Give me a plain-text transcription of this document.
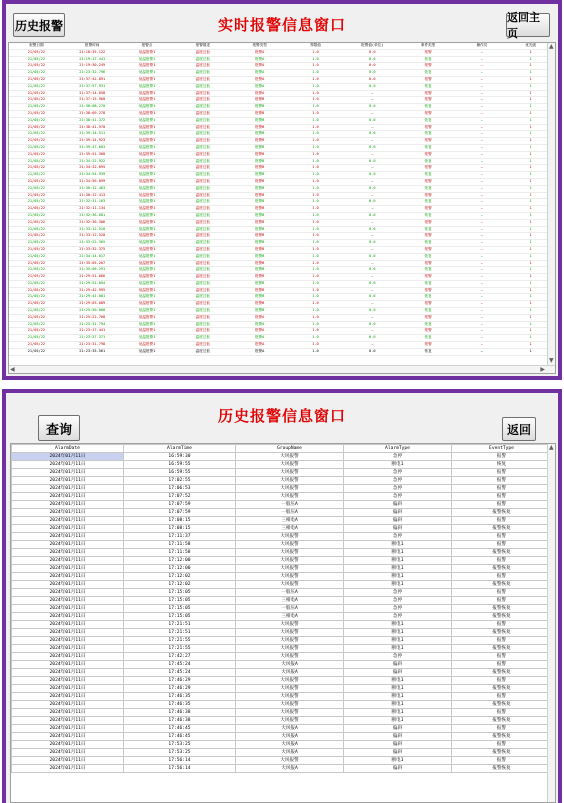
历史报警	实时报警信息窗口	返回主页
报警日期	报警时间	报警点	报警描述	报警类型	界限值	报警值(单位)	事件类型	操作员	优先级
21/05/22	21:18:35.122	低温报警1	温度过低	报警A	1.0	0.0	报警	—	1
21/05/22	21:19:17.441	低温报警1	温度过低	报警A	1.0	0.0	恢复	—	1
21/05/22	21:19:30.249	低温报警1	温度过低	报警A	1.0	0.0	报警	—	1
21/05/22	21:23:32.796	低温报警1	温度过低	报警A	1.0	0.0	恢复	—	1
21/05/22	21:37:42.891	低温报警1	温度过低	报警A	1.0	0.0	报警	—	1
21/05/22	21:37:57.931	低温报警1	温度过低	报警A	1.0	0.0	恢复	—	1
21/05/22	21:37:14.058	低温报警1	温度过低	报警A	1.0	—	报警	—	1
21/05/22	21:37:15.960	低温报警1	温度过低	报警B	1.0	—	报警	—	1
21/05/22	21:38:08.270	低温报警1	温度过低	报警B	1.0	0.0	恢复	—	1
21/05/22	21:38:09.278	低温报警1	温度过低	报警B	1.0	—	报警	—	1
21/05/22	21:38:41.372	低温报警1	温度过低	报警B	1.0	0.0	恢复	—	1
21/05/22	21:38:41.970	低温报警1	温度过低	报警B	1.0	—	报警	—	1
21/05/22	21:39:14.511	低温报警1	温度过低	报警B	1.0	0.0	恢复	—	1
21/05/22	21:39:14.923	低温报警1	温度过低	报警B	1.0	—	报警	—	1
21/05/22	21:39:47.603	低温报警1	温度过低	报警B	1.0	0.0	恢复	—	1
21/05/22	21:39:51.368	低温报警1	温度过低	报警B	1.0	—	报警	—	1
21/05/22	21:34:22.922	低温报警1	温度过低	报警B	1.0	0.0	恢复	—	1
21/05/22	21:34:32.095	低温报警1	温度过低	报警B	1.0	—	报警	—	1
21/05/22	21:34:54.939	低温报警1	温度过低	报警B	1.0	0.0	恢复	—	1
21/05/22	21:34:56.099	低温报警1	温度过低	报警B	1.0	—	报警	—	1
21/05/22	21:30:12.463	低温报警1	温度过低	报警B	1.0	0.0	恢复	—	1
21/05/22	21:30:12.413	低温报警1	温度过低	报警B	1.0	—	报警	—	1
21/05/22	21:32:11.163	低温报警1	温度过低	报警B	1.0	0.0	恢复	—	1
21/05/22	21:32:11.134	低温报警1	温度过低	报警B	1.0	—	报警	—	1
21/05/22	21:32:36.601	低温报警1	温度过低	报警B	1.0	0.0	恢复	—	1
21/05/22	21:32:36.306	低温报警1	温度过低	报警B	1.0	—	报警	—	1
21/05/22	21:33:12.520	低温报警1	温度过低	报警B	1.0	0.0	恢复	—	1
21/05/22	21:33:12.520	低温报警1	温度过低	报警B	1.0	—	报警	—	1
21/05/22	21:33:22.365	低温报警1	温度过低	报警B	1.0	0.0	恢复	—	1
21/05/22	21:33:32.375	低温报警1	温度过低	报警B	1.0	—	报警	—	1
21/05/22	21:34:14.017	低温报警1	温度过低	报警B	1.0	0.0	恢复	—	1
21/05/22	21:35:05.267	低温报警1	温度过低	报警B	1.0	—	报警	—	1
21/05/22	21:35:06.291	低温报警1	温度过低	报警B	1.0	0.0	恢复	—	1
21/05/22	21:29:51.666	低温报警1	温度过低	报警B	1.0	—	报警	—	1
21/05/22	21:29:51.094	低温报警1	温度过低	报警B	1.0	0.0	恢复	—	1
21/05/22	21:29:42.995	低温报警1	温度过低	报警B	1.0	—	报警	—	1
21/05/22	21:29:41.081	低温报警1	温度过低	报警B	1.0	0.0	恢复	—	1
21/05/22	21:29:03.089	低温报警1	温度过低	报警B	1.0	—	报警	—	1
21/05/22	21:25:50.000	低温报警1	温度过低	报警B	1.0	0.0	恢复	—	1
21/05/22	21:25:22.768	低温报警1	温度过低	报警A	1.0	—	报警	—	1
21/05/22	21:23:31.794	低温报警1	温度过低	报警A	1.0	0.0	恢复	—	1
21/05/22	21:23:17.441	低温报警1	温度过低	报警A	1.0	—	报警	—	1
21/05/22	21:23:27.371	低温报警1	温度过低	报警A	1.0	0.0	恢复	—	1
21/05/22	21:23:31.798	低温报警1	温度过低	报警A	1.0	—	报警	—	1
21/05/22	21:23:35.561	低温报警1	温度过低	报警A	1.0	0.0	恢复	—	1
▲
▼
◀	▶
查询
历史报警信息窗口
返回
AlarmDate	AlarmTime	GroupName	AlarmType	EventType
2024年01月11日	16:59:30	大风报警	急停	报警
2024年01月11日	16:59:55	大风报警	断电1	恢复
2024年01月11日	16:59:55	大风报警	急停	报警
2024年01月11日	17:02:55	大风报警	急停	报警
2024年01月11日	17:06:53	大风报警	急停	报警
2024年01月11日	17:07:52	大风报警	急停	报警
2024年01月11日	17:07:59	一般压A	偏斜	报警
2024年01月11日	17:07:59	一般压A	偏斜	报警恢复
2024年01月11日	17:08:15	三相电A	偏斜	报警
2024年01月11日	17:08:15	三相电A	偏斜	报警恢复
2024年01月11日	17:11:37	大风报警	急停	报警
2024年01月11日	17:11:58	大风报警	断电1	报警
2024年01月11日	17:11:58	大风报警	断电1	报警恢复
2024年01月11日	17:12:00	大风报警	断电1	报警
2024年01月11日	17:12:00	大风报警	断电1	报警恢复
2024年01月11日	17:12:02	大风报警	断电1	报警
2024年01月11日	17:12:02	大风报警	断电1	报警恢复
2024年01月11日	17:15:05	一般压A	急停	报警
2024年01月11日	17:15:05	三相电A	急停	报警
2024年01月11日	17:15:05	一般压A	急停	报警恢复
2024年01月11日	17:15:05	三相电A	急停	报警恢复
2024年01月11日	17:21:51	大风报警	断电1	报警
2024年01月11日	17:21:51	大风报警	断电1	报警恢复
2024年01月11日	17:21:55	大风报警	断电1	报警
2024年01月11日	17:21:55	大风报警	断电1	报警恢复
2024年01月11日	17:42:27	大风报警	急停	报警
2024年01月11日	17:45:24	大风报A	偏斜	报警
2024年01月11日	17:45:24	大风报A	偏斜	报警恢复
2024年01月11日	17:46:29	大风报警	断电1	报警
2024年01月11日	17:46:29	大风报警	断电1	报警恢复
2024年01月11日	17:46:35	大风报警	断电1	报警
2024年01月11日	17:46:35	大风报警	断电1	报警恢复
2024年01月11日	17:46:38	大风报警	断电1	报警
2024年01月11日	17:46:38	大风报警	断电1	报警恢复
2024年01月11日	17:46:45	大风报A	偏斜	报警
2024年01月11日	17:46:45	大风报A	偏斜	报警恢复
2024年01月11日	17:53:25	大风报A	偏斜	报警
2024年01月11日	17:53:25	大风报A	偏斜	报警恢复
2024年01月11日	17:56:14	大风报警	断电1	报警
2024年01月11日	17:56:14	大风报A	偏斜	报警恢复
▲
